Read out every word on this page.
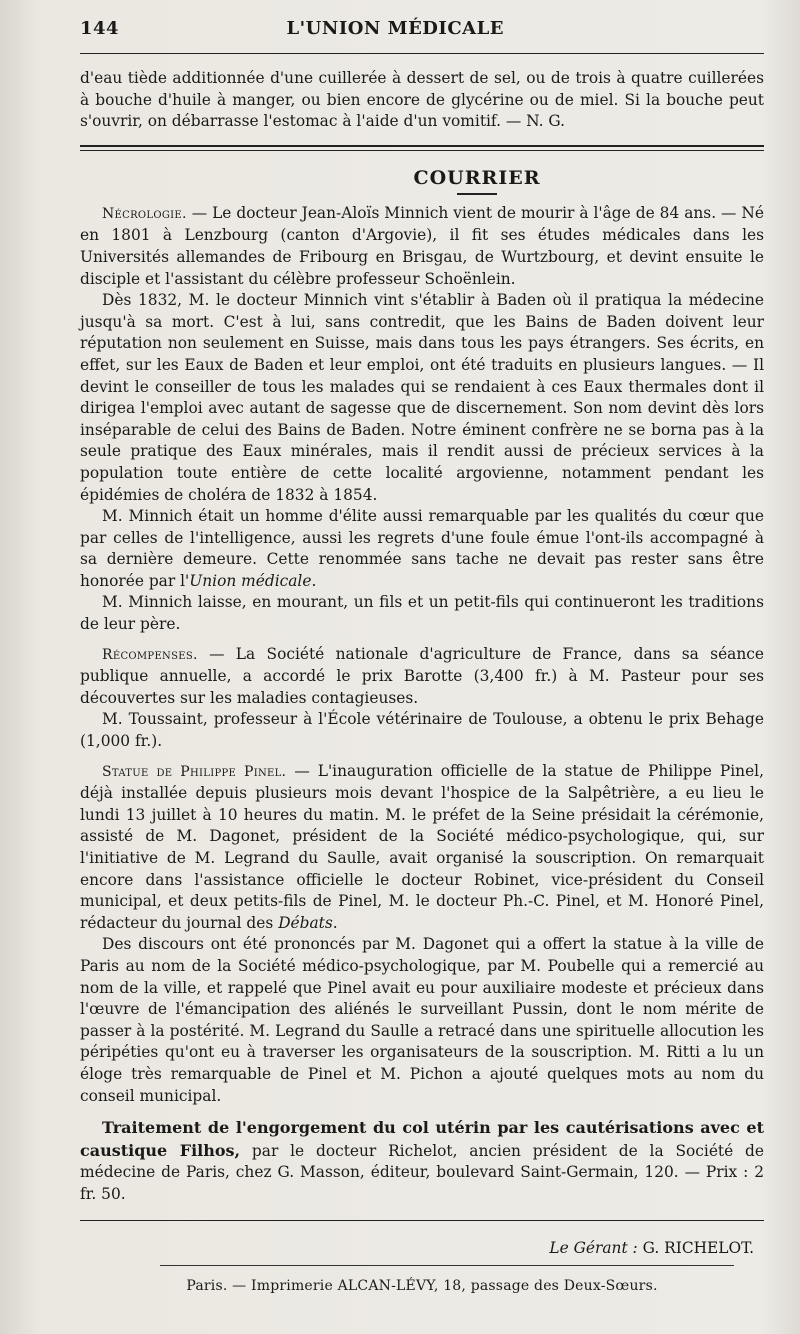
144	L'UNION MÉDICALE

d'eau tiède additionnée d'une cuillerée à dessert de sel, ou de trois à quatre cuillerées à bouche d'huile à manger, ou bien encore de glycérine ou de miel. Si la bouche peut s'ouvrir, on débarrasse l'estomac à l'aide d'un vomitif. — N. G.

COURRIER

Nécrologie. — Le docteur Jean-Aloïs Minnich vient de mourir à l'âge de 84 ans. — Né en 1801 à Lenzbourg (canton d'Argovie), il fit ses études médicales dans les Universités allemandes de Fribourg en Brisgau, de Wurtzbourg, et devint ensuite le disciple et l'assistant du célèbre professeur Schoënlein.

Dès 1832, M. le docteur Minnich vint s'établir à Baden où il pratiqua la médecine jusqu'à sa mort. C'est à lui, sans contredit, que les Bains de Baden doivent leur réputation non seulement en Suisse, mais dans tous les pays étrangers. Ses écrits, en effet, sur les Eaux de Baden et leur emploi, ont été traduits en plusieurs langues. — Il devint le conseiller de tous les malades qui se rendaient à ces Eaux thermales dont il dirigea l'emploi avec autant de sagesse que de discernement. Son nom devint dès lors inséparable de celui des Bains de Baden. Notre éminent confrère ne se borna pas à la seule pratique des Eaux minérales, mais il rendit aussi de précieux services à la population toute entière de cette localité argovienne, notamment pendant les épidémies de choléra de 1832 à 1854.

M. Minnich était un homme d'élite aussi remarquable par les qualités du cœur que par celles de l'intelligence, aussi les regrets d'une foule émue l'ont-ils accompagné à sa dernière demeure. Cette renommée sans tache ne devait pas rester sans être honorée par l'Union médicale.

M. Minnich laisse, en mourant, un fils et un petit-fils qui continueront les traditions de leur père.

Récompenses. — La Société nationale d'agriculture de France, dans sa séance publique annuelle, a accordé le prix Barotte (3,400 fr.) à M. Pasteur pour ses découvertes sur les maladies contagieuses.

M. Toussaint, professeur à l'École vétérinaire de Toulouse, a obtenu le prix Behage (1,000 fr.).

Statue de Philippe Pinel. — L'inauguration officielle de la statue de Philippe Pinel, déjà installée depuis plusieurs mois devant l'hospice de la Salpêtrière, a eu lieu le lundi 13 juillet à 10 heures du matin. M. le préfet de la Seine présidait la cérémonie, assisté de M. Dagonet, président de la Société médico-psychologique, qui, sur l'initiative de M. Legrand du Saulle, avait organisé la souscription. On remarquait encore dans l'assistance officielle le docteur Robinet, vice-président du Conseil municipal, et deux petits-fils de Pinel, M. le docteur Ph.-C. Pinel, et M. Honoré Pinel, rédacteur du journal des Débats.

Des discours ont été prononcés par M. Dagonet qui a offert la statue à la ville de Paris au nom de la Société médico-psychologique, par M. Poubelle qui a remercié au nom de la ville, et rappelé que Pinel avait eu pour auxiliaire modeste et précieux dans l'œuvre de l'émancipation des aliénés le surveillant Pussin, dont le nom mérite de passer à la postérité. M. Legrand du Saulle a retracé dans une spirituelle allocution les péripéties qu'ont eu à traverser les organisateurs de la souscription. M. Ritti a lu un éloge très remarquable de Pinel et M. Pichon a ajouté quelques mots au nom du conseil municipal.

Traitement de l'engorgement du col utérin par les cautérisations avec et caustique Filhos, par le docteur Richelot, ancien président de la Société de médecine de Paris, chez G. Masson, éditeur, boulevard Saint-Germain, 120. — Prix : 2 fr. 50.

Le Gérant : G. RICHELOT.
Paris. — Imprimerie ALCAN-LÉVY, 18, passage des Deux-Sœurs.
